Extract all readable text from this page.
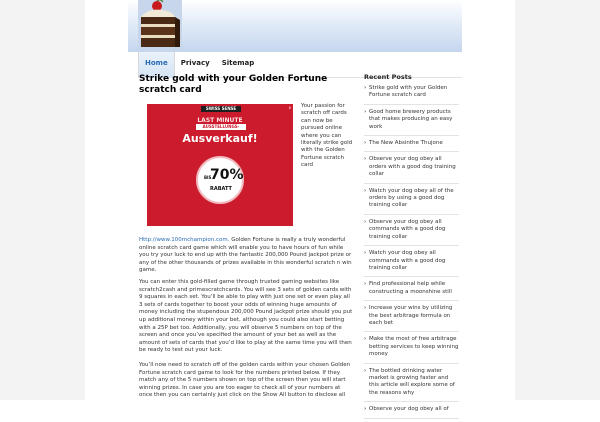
Home Privacy Sitemap
Strike gold with your Golden Fortune scratch card
x
SWISS SENSE
LAST MINUTE
AUSSTELLUNGS-
Ausverkauf!
BIS
70%
RABATT
Your passion for scratch off cards can now be pursued online where you can literally strike gold with the Golden Fortune scratch card
Http://www.100mchampion.com. Golden Fortune is really a truly wonderful online scratch card game which will enable you to have hours of fun while you try your luck to end up with the fantastic 200,000 Pound jackpot prize or any of the other thousands of prizes available in this wonderful scratch n win game.
You can enter this gold-filled game through trusted gaming websites like scratch2cash and primescratchcards. You will see 3 sets of golden cards with 9 squares in each set. You’ll be able to play with just one set or even play all 3 sets of cards together to boost your odds of winning huge amounts of money including the stupendous 200,000 Pound jackpot prize should you put up additional money within your bet, although you could also start betting with a 25P bet too. Additionally, you will observe 5 numbers on top of the screen and once you’ve specified the amount of your bet as well as the amount of sets of cards that you’d like to play at the same time you will then be ready to test out your luck.
You’ll now need to scratch off of the golden cards within your chosen Golden Fortune scratch card game to look for the numbers printed below. If they match any of the 5 numbers shown on top of the screen then you will start winning prizes. In case you are too eager to check all of your numbers at once then you can certainly just click on the Show All button to disclose all
Recent Posts
› Strike gold with your Golden Fortune scratch card
› Good home brewery products that makes producing an easy work
› The New Absinthe Thujone
› Observe your dog obey all orders with a good dog training collar
› Watch your dog obey all of the orders by using a good dog training collar
› Observe your dog obey all commands with a good dog training collar
› Watch your dog obey all commands with a good dog training collar
› Find professional help while constructing a moonshine still
› Increase your wins by utilizing the best arbitrage formula on each bet
› Make the most of free arbitrage betting services to keep winning money
› The bottled drinking water market is growing faster and this article will explore some of the reasons why
› Observe your dog obey all of
